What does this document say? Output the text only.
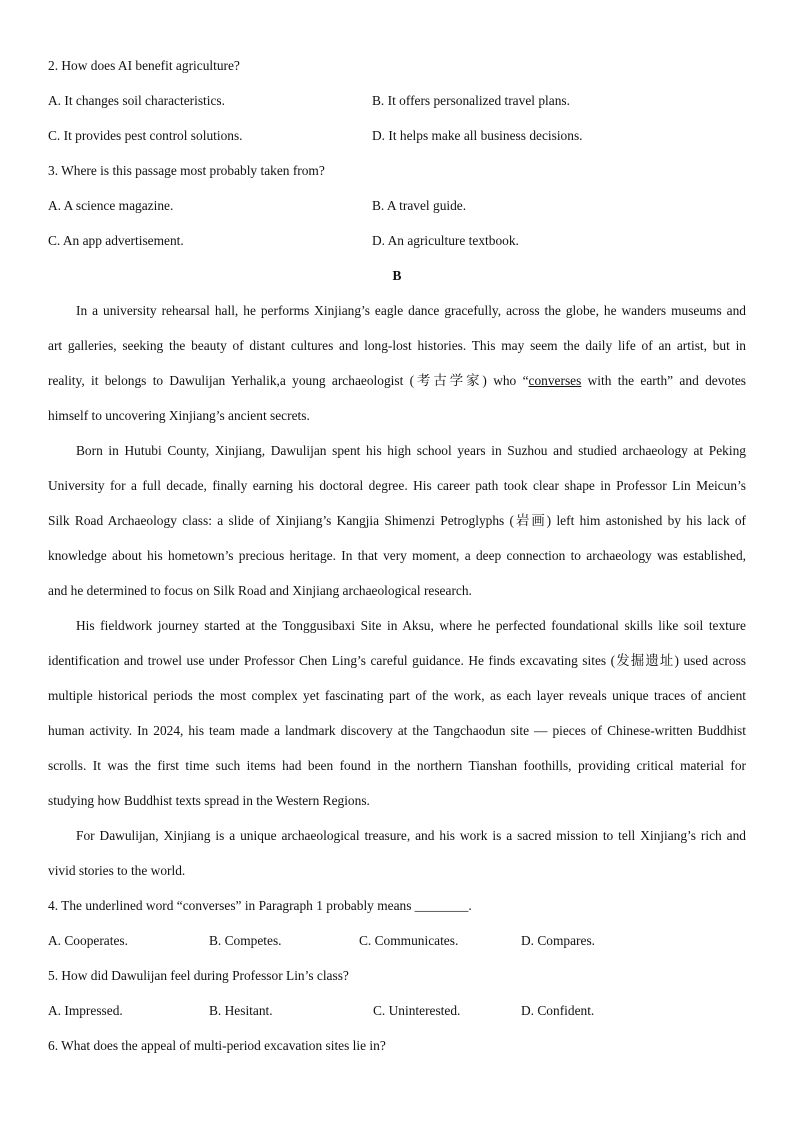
2. How does AI benefit agriculture?
A. It changes soil characteristics.	B. It offers personalized travel plans.
C. It provides pest control solutions.	D. It helps make all business decisions.
3. Where is this passage most probably taken from?
A. A science magazine.	B. A travel guide.
C. An app advertisement.	D. An agriculture textbook.
B
In a university rehearsal hall, he performs Xinjiang’s eagle dance gracefully, across the globe, he wanders museums and
art galleries, seeking the beauty of distant cultures and long-lost histories. This may seem the daily life of an artist, but in
reality, it belongs to Dawulijan Yerhalik,a young archaeologist (考古学家) who “converses with the earth” and devotes
himself to uncovering Xinjiang’s ancient secrets.
Born in Hutubi County, Xinjiang, Dawulijan spent his high school years in Suzhou and studied archaeology at Peking
University for a full decade, finally earning his doctoral degree. His career path took clear shape in Professor Lin Meicun’s
Silk Road Archaeology class: a slide of Xinjiang’s Kangjia Shimenzi Petroglyphs (岩画) left him astonished by his lack of
knowledge about his hometown’s precious heritage. In that very moment, a deep connection to archaeology was established,
and he determined to focus on Silk Road and Xinjiang archaeological research.
His fieldwork journey started at the Tonggusibaxi Site in Aksu, where he perfected foundational skills like soil texture
identification and trowel use under Professor Chen Ling’s careful guidance. He finds excavating sites (发掘遗址) used across
multiple historical periods the most complex yet fascinating part of the work, as each layer reveals unique traces of ancient
human activity. In 2024, his team made a landmark discovery at the Tangchaodun site — pieces of Chinese-written Buddhist
scrolls. It was the first time such items had been found in the northern Tianshan foothills, providing critical material for
studying how Buddhist texts spread in the Western Regions.
For Dawulijan, Xinjiang is a unique archaeological treasure, and his work is a sacred mission to tell Xinjiang’s rich and
vivid stories to the world.
4. The underlined word “converses” in Paragraph 1 probably means ________.
A. Cooperates.	B. Competes.	C. Communicates.	D. Compares.
5. How did Dawulijan feel during Professor Lin’s class?
A. Impressed.	B. Hesitant.	C. Uninterested.	D. Confident.
6. What does the appeal of multi-period excavation sites lie in?
